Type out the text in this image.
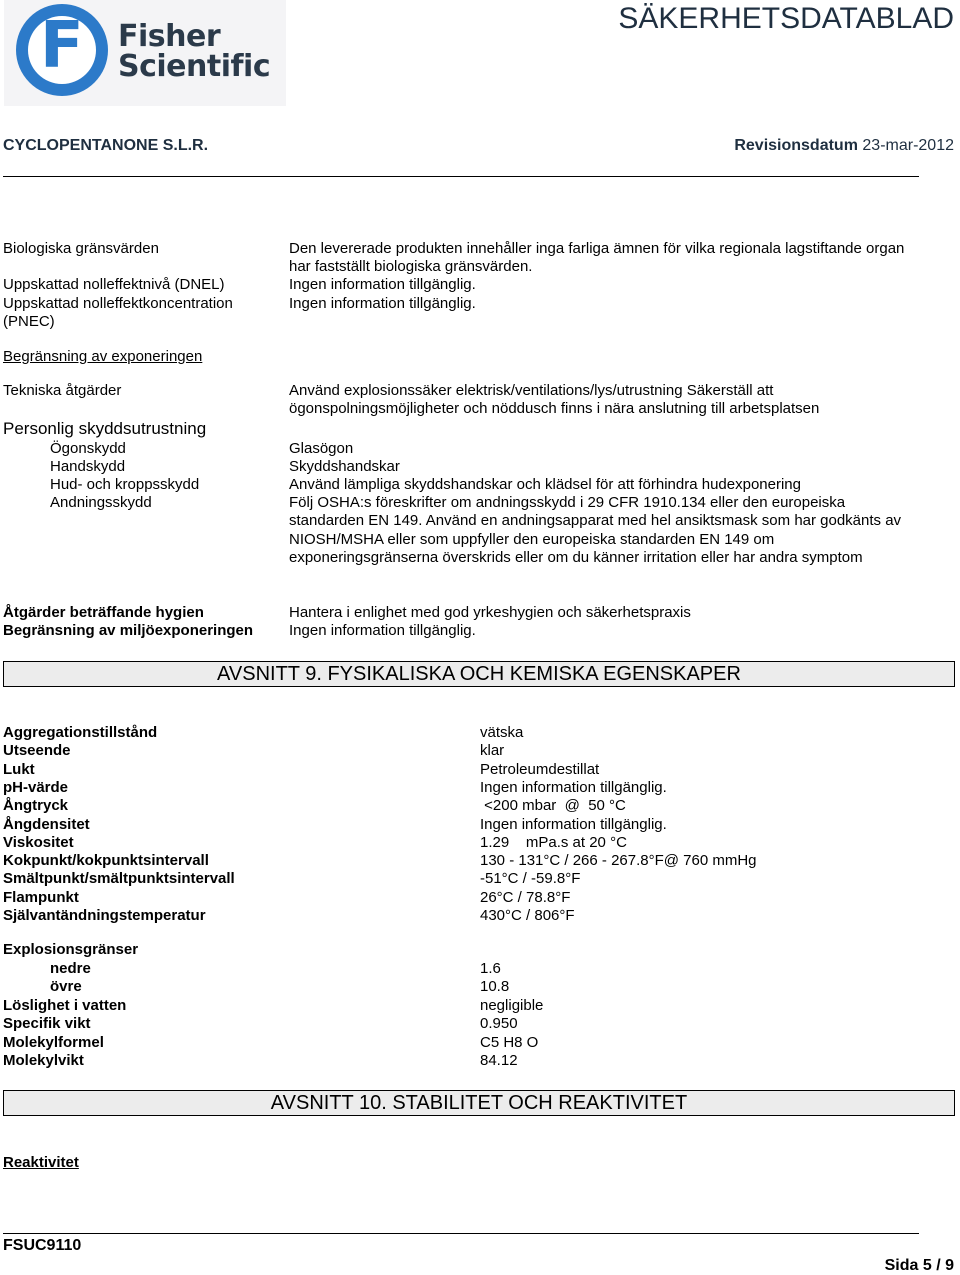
F Fisher
Scientific
SÄKERHETSDATABLAD
CYCLOPENTANONE S.L.R.	Revisionsdatum 23-mar-2012
Biologiska gränsvärden	Den levererade produkten innehåller inga farliga ämnen för vilka regionala lagstiftande organ
har fastställt biologiska gränsvärden.
Uppskattad nolleffektnivå (DNEL)	Ingen information tillgänglig.
Uppskattad nolleffektkoncentration	Ingen information tillgänglig.
(PNEC)
Begränsning av exponeringen
Tekniska åtgärder	Använd explosionssäker elektrisk/ventilations/lys/utrustning Säkerställ att
ögonspolningsmöjligheter och nöddusch finns i nära anslutning till arbetsplatsen
Personlig skyddsutrustning
Ögonskydd	Glasögon
Handskydd	Skyddshandskar
Hud- och kroppsskydd	Använd lämpliga skyddshandskar och klädsel för att förhindra hudexponering
Andningsskydd	Följ OSHA:s föreskrifter om andningsskydd i 29 CFR 1910.134 eller den europeiska
standarden EN 149. Använd en andningsapparat med hel ansiktsmask som har godkänts av
NIOSH/MSHA eller som uppfyller den europeiska standarden EN 149 om
exponeringsgränserna överskrids eller om du känner irritation eller har andra symptom
Åtgärder beträffande hygien	Hantera i enlighet med god yrkeshygien och säkerhetspraxis
Begränsning av miljöexponeringen Ingen information tillgänglig.
AVSNITT 9. FYSIKALISKA OCH KEMISKA EGENSKAPER
Aggregationstillstånd	vätska
Utseende	klar
Lukt	Petroleumdestillat
pH-värde	Ingen information tillgänglig.
Ångtryck	<200 mbar  @  50 °C
Ångdensitet	Ingen information tillgänglig.
Viskositet	1.29    mPa.s at 20 °C
Kokpunkt/kokpunktsintervall	130 - 131°C / 266 - 267.8°F@ 760 mmHg
Smältpunkt/smältpunktsintervall	-51°C / -59.8°F
Flampunkt	26°C / 78.8°F
Självantändningstemperatur	430°C / 806°F
Explosionsgränser
nedre	1.6
övre	10.8
Löslighet i vatten	negligible
Specifik vikt	0.950
Molekylformel	C5 H8 O
Molekylvikt	84.12
AVSNITT 10. STABILITET OCH REAKTIVITET
Reaktivitet
FSUC9110
Sida 5 / 9
